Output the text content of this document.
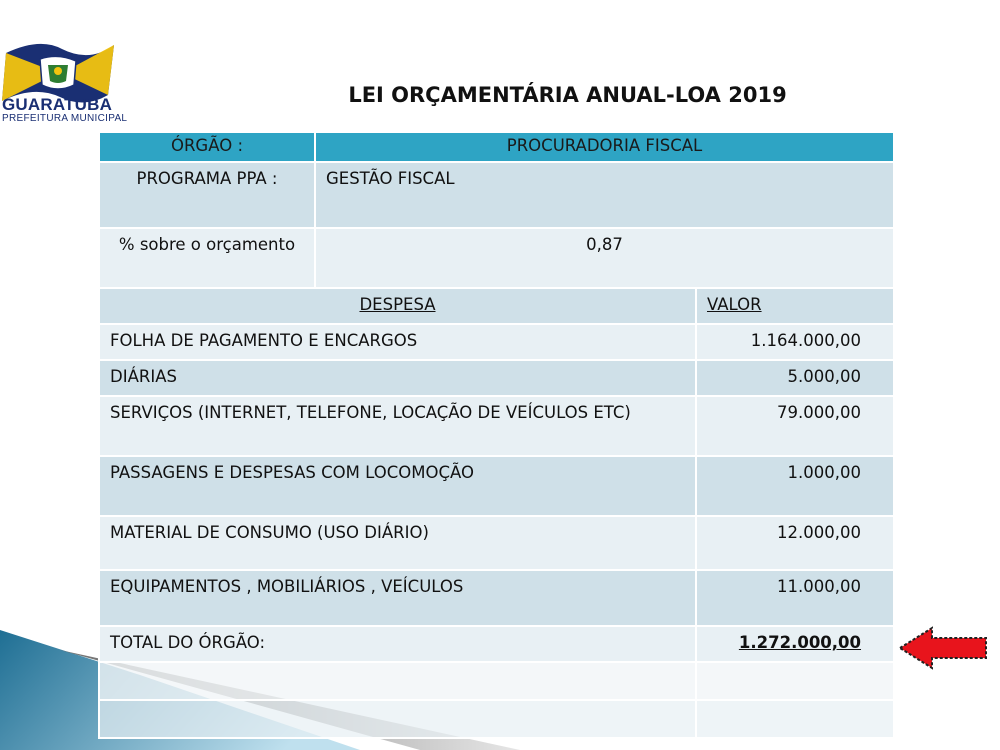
GUARATUBA
PREFEITURA MUNICIPAL
LEI ORÇAMENTÁRIA ANUAL-LOA 2019
ÓRGÃO :	PROCURADORIA FISCAL	
PROGRAMA PPA :	GESTÃO FISCAL	
% sobre o orçamento	0,87	
DESPESA		VALOR
FOLHA DE PAGAMENTO E ENCARGOS		1.164.000,00
DIÁRIAS		5.000,00
SERVIÇOS (INTERNET, TELEFONE, LOCAÇÃO DE VEÍCULOS ETC)		79.000,00
PASSAGENS E DESPESAS COM LOCOMOÇÃO		1.000,00
MATERIAL DE CONSUMO (USO DIÁRIO)		12.000,00
EQUIPAMENTOS , MOBILIÁRIOS , VEÍCULOS		11.000,00
TOTAL DO ÓRGÃO:		1.272.000,00
